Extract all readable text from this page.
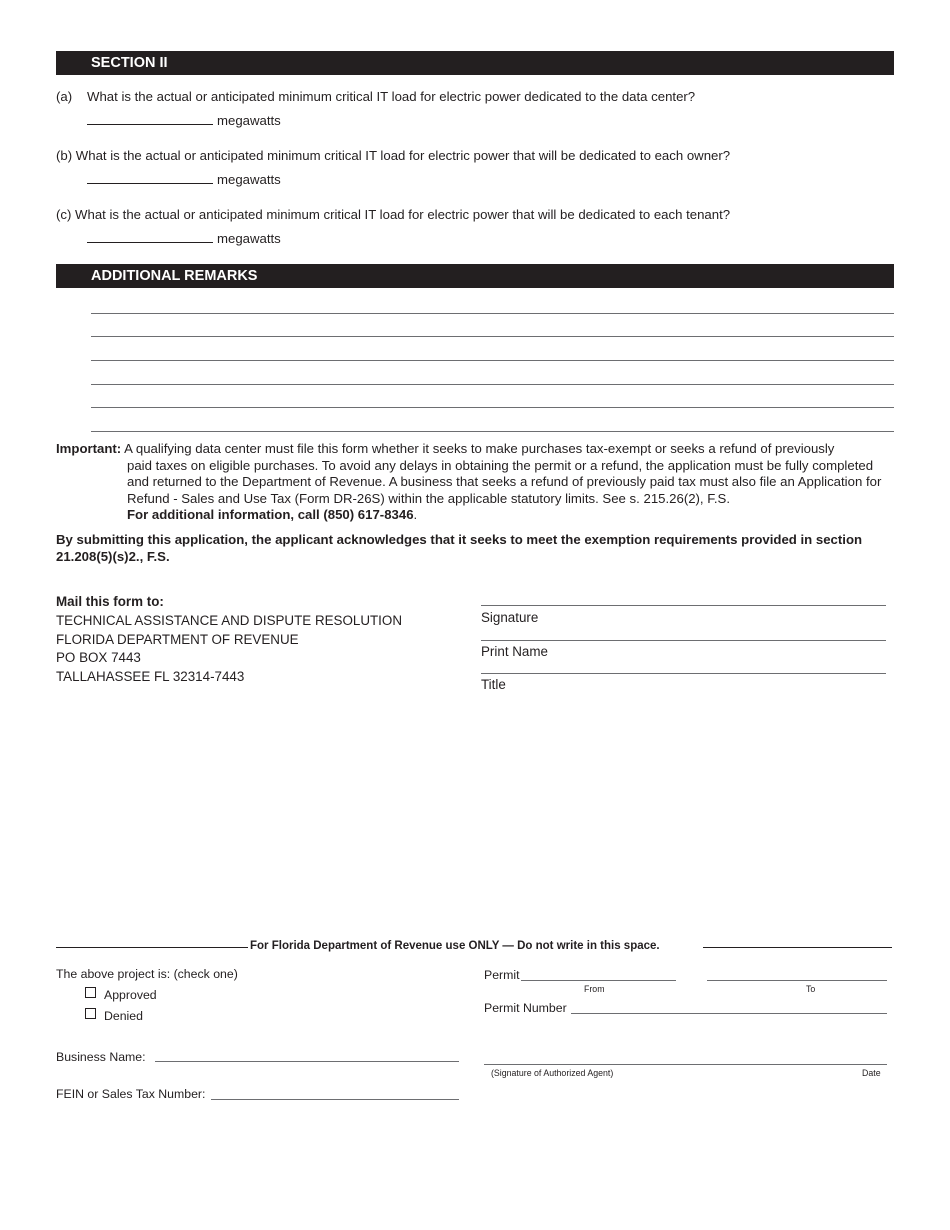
SECTION II
(a) What is the actual or anticipated minimum critical IT load for electric power dedicated to the data center?
megawatts
(b) What is the actual or anticipated minimum critical IT load for electric power that will be dedicated to each owner?
megawatts
(c) What is the actual or anticipated minimum critical IT load for electric power that will be dedicated to each tenant?
megawatts
ADDITIONAL REMARKS
Important: A qualifying data center must file this form whether it seeks to make purchases tax-exempt or seeks a refund of previously
paid taxes on eligible purchases. To avoid any delays in obtaining the permit or a refund, the application must be fully completed and returned to the Department of Revenue. A business that seeks a refund of previously paid tax must also file an Application for Refund - Sales and Use Tax (Form DR-26S) within the applicable statutory limits. See s. 215.26(2), F.S.
For additional information, call (850) 617-8346.
By submitting this application, the applicant acknowledges that it seeks to meet the exemption requirements provided in section 21.208(5)(s)2., F.S.
Mail this form to:
TECHNICAL ASSISTANCE AND DISPUTE RESOLUTION
FLORIDA DEPARTMENT OF REVENUE
PO BOX 7443
TALLAHASSEE FL 32314-7443
Signature
Print Name
Title
For Florida Department of Revenue use ONLY — Do not write in this space.
The above project is: (check one)
Approved
Denied
Permit
From	To
Permit Number
Business Name:
(Signature of Authorized Agent)	Date
FEIN or Sales Tax Number:
